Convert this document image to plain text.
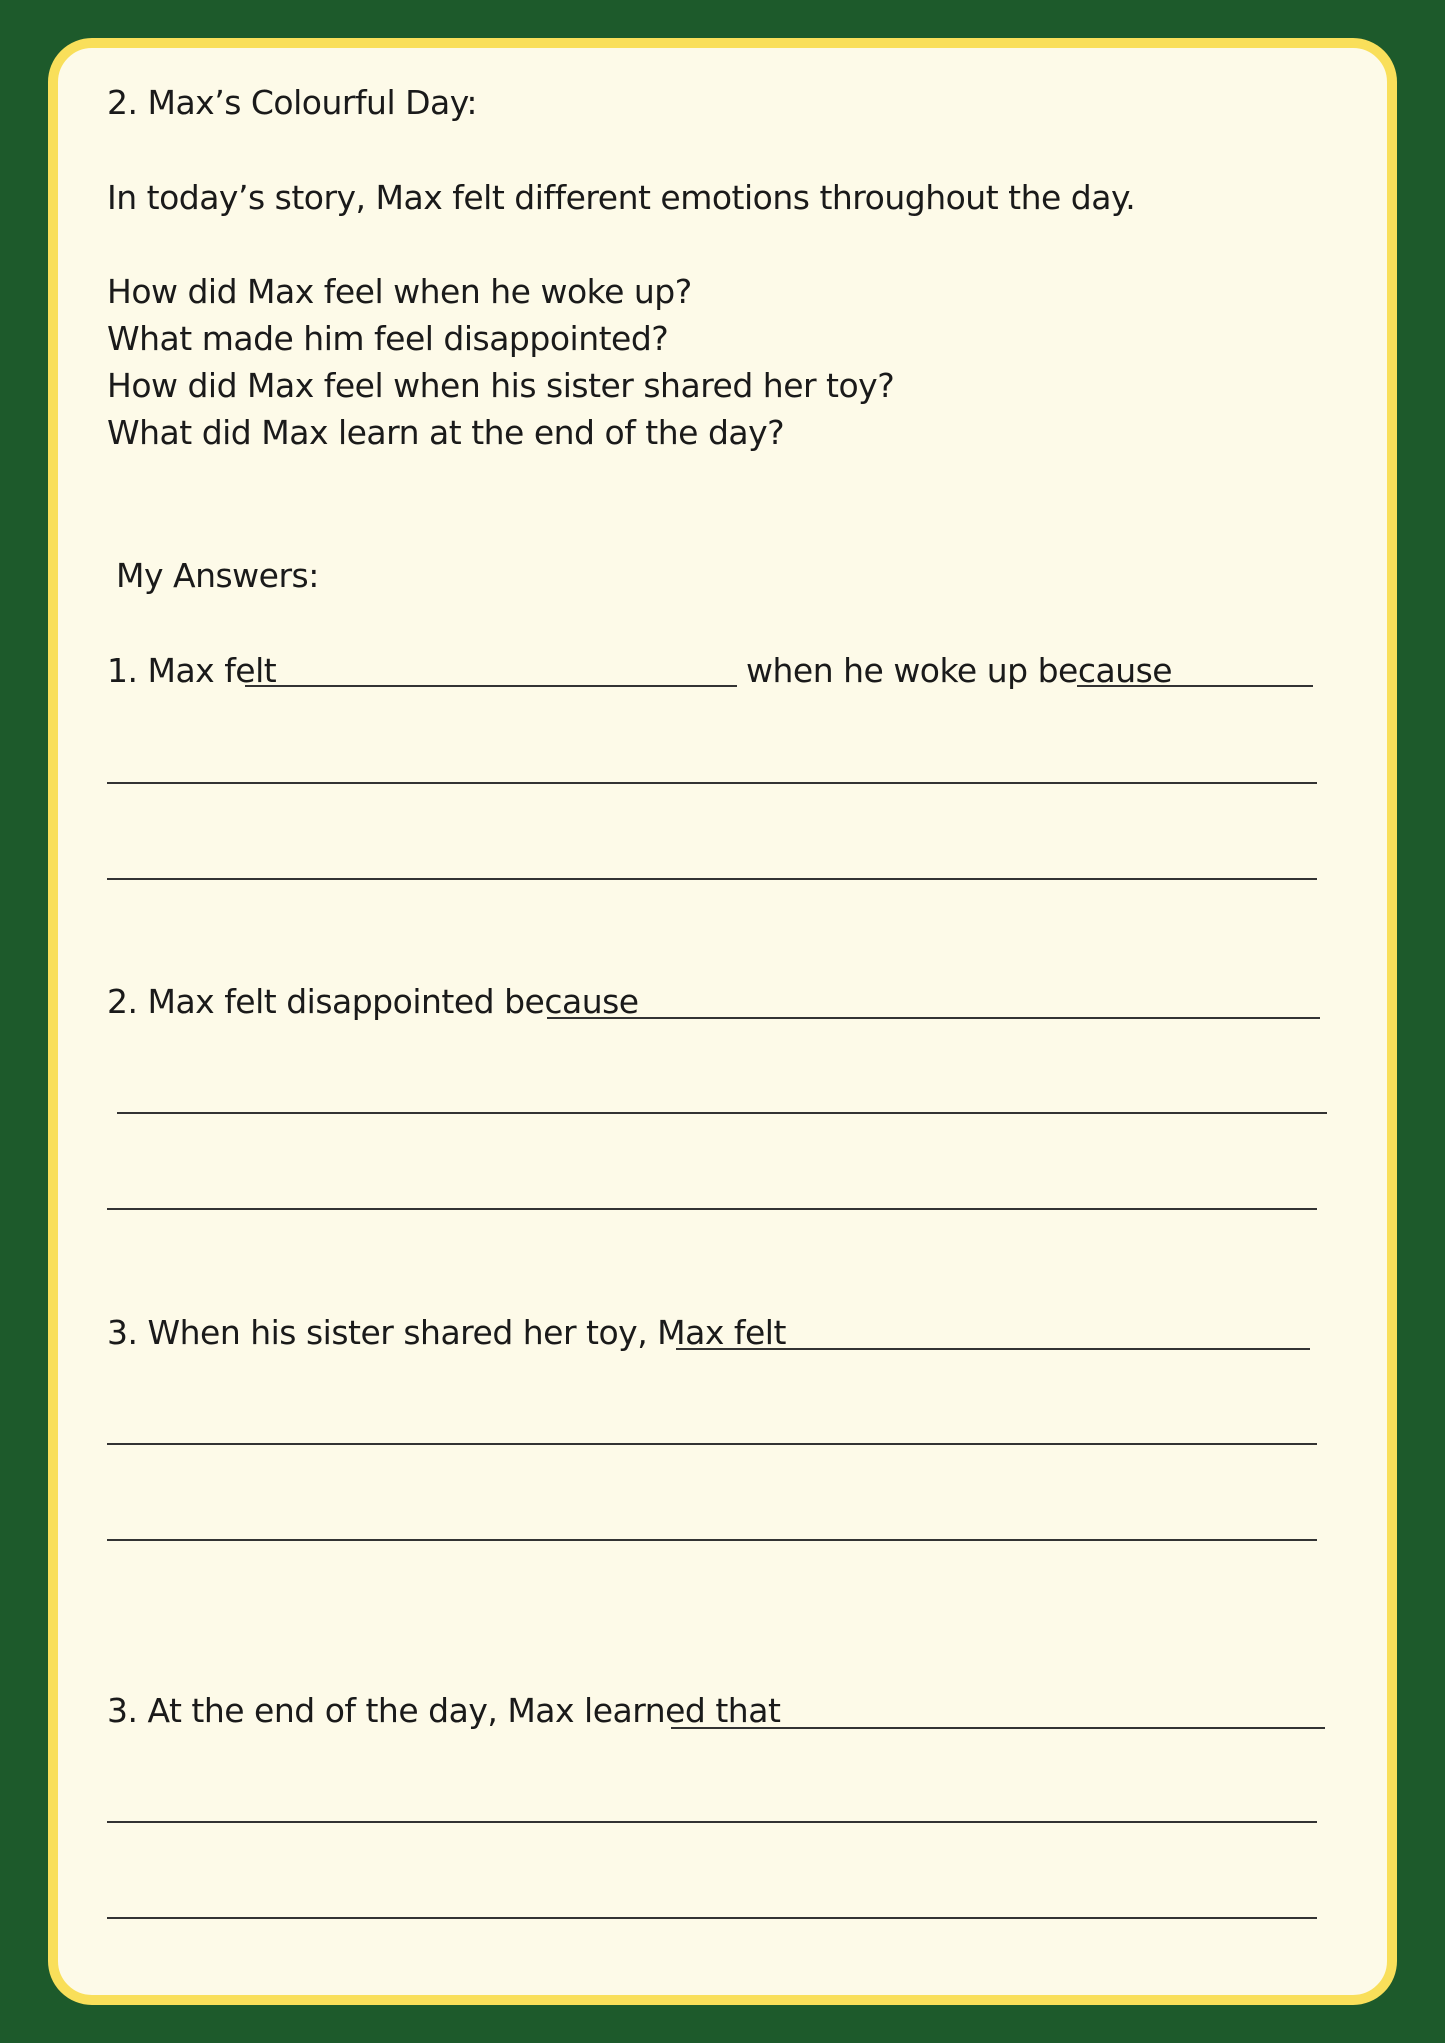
2. Max’s Colourful Day:
In today’s story, Max felt different emotions throughout the day.
How did Max feel when he woke up?
What made him feel disappointed?
How did Max feel when his sister shared her toy?
What did Max learn at the end of the day?
My Answers:
1. Max felt	when he woke up because
2. Max felt disappointed because
3. When his sister shared her toy, Max felt
3. At the end of the day, Max learned that
